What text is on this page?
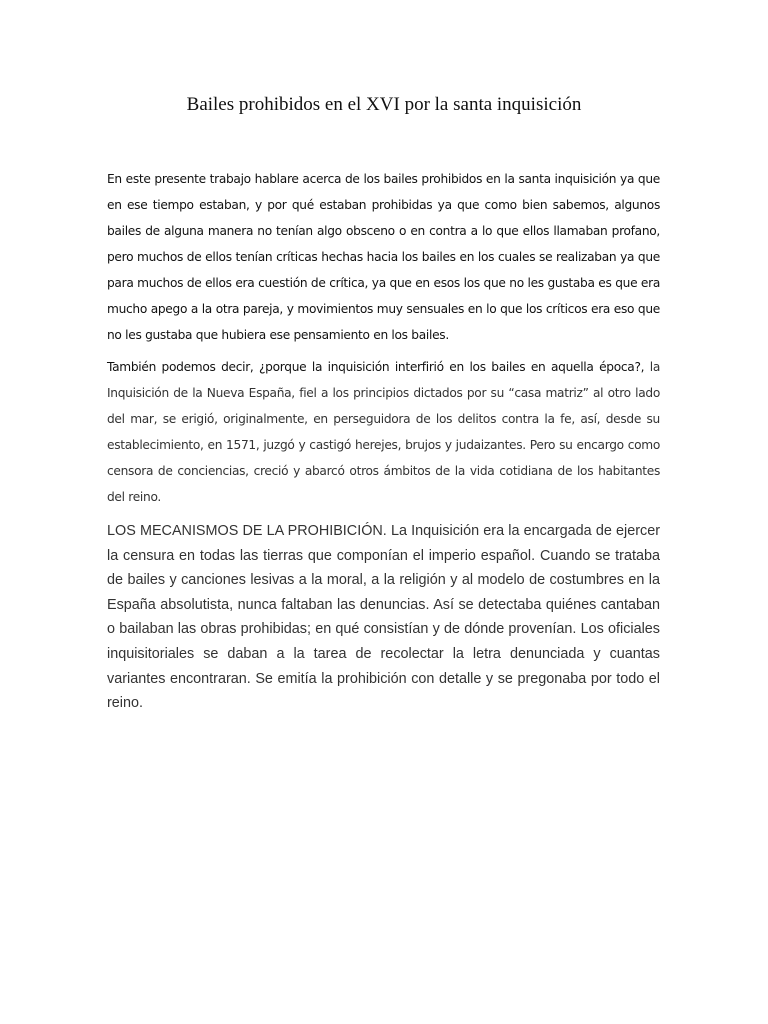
Bailes prohibidos en el XVI por la santa inquisición

En este presente trabajo hablare acerca de los bailes prohibidos en la santa inquisición ya que en ese tiempo estaban, y por qué estaban prohibidas ya que como bien sabemos, algunos bailes de alguna manera no tenían algo obsceno o en contra a lo que ellos llamaban profano, pero muchos de ellos tenían críticas hechas hacia los bailes en los cuales se realizaban ya que para muchos de ellos era cuestión de crítica, ya que en esos los que no les gustaba es que era mucho apego a la otra pareja, y movimientos muy sensuales en lo que los críticos era eso que no les gustaba que hubiera ese pensamiento en los bailes.

También podemos decir, ¿porque la inquisición interfirió en los bailes en aquella época?, la Inquisición de la Nueva España, fiel a los principios dictados por su “casa matriz” al otro lado del mar, se erigió, originalmente, en perseguidora de los delitos contra la fe, así, desde su establecimiento, en 1571, juzgó y castigó herejes, brujos y judaizantes. Pero su encargo como censora de conciencias, creció y abarcó otros ámbitos de la vida cotidiana de los habitantes del reino.

LOS MECANISMOS DE LA PROHIBICIÓN. La Inquisición era la encargada de ejercer la censura en todas las tierras que componían el imperio español. Cuando se trataba de bailes y canciones lesivas a la moral, a la religión y al modelo de costumbres en la España absolutista, nunca faltaban las denuncias. Así se detectaba quiénes cantaban o bailaban las obras prohibidas; en qué consistían y de dónde provenían. Los oficiales inquisitoriales se daban a la tarea de recolectar la letra denunciada y cuantas variantes encontraran. Se emitía la prohibición con detalle y se pregonaba por todo el reino.
